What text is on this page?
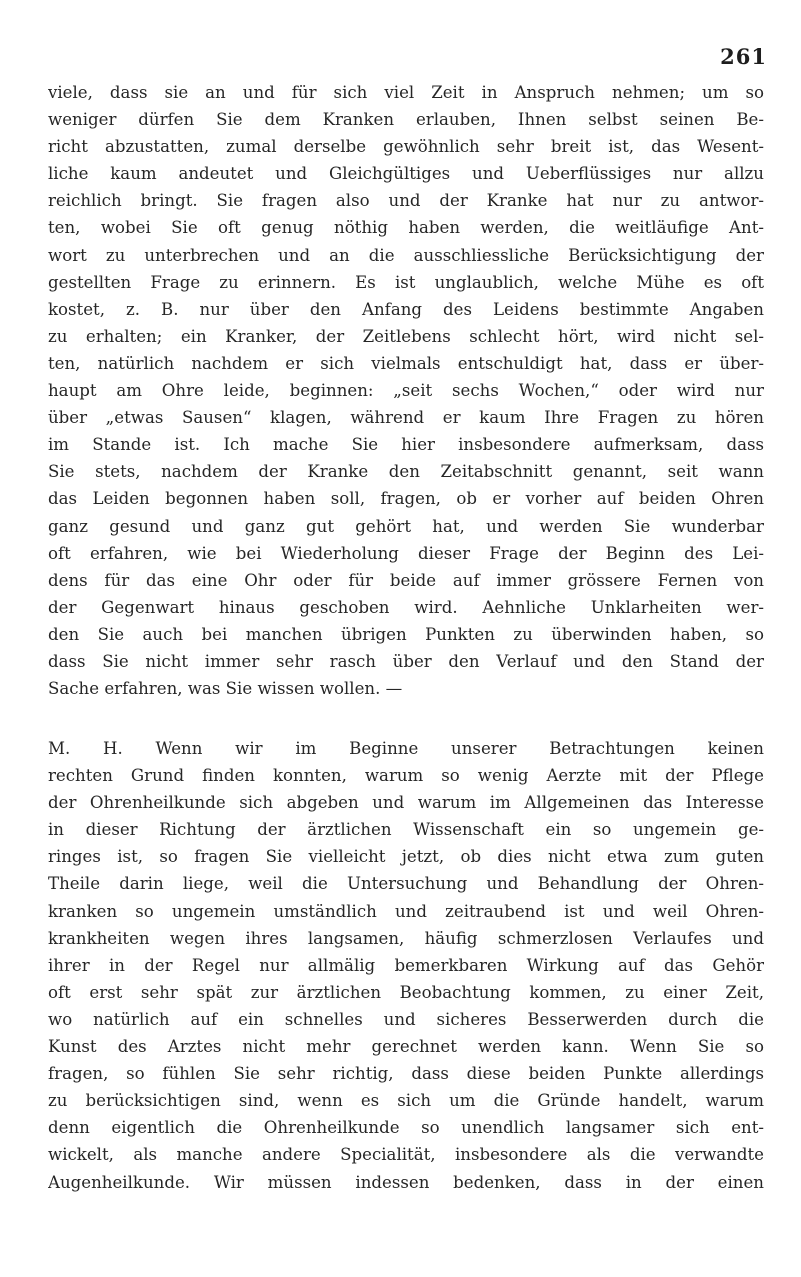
261
viele, dass sie an und für sich viel Zeit in Anspruch nehmen; um so
weniger dürfen Sie dem Kranken erlauben, Ihnen selbst seinen Be-
richt abzustatten, zumal derselbe gewöhnlich sehr breit ist, das Wesent-
liche kaum andeutet und Gleichgültiges und Ueberflüssiges nur allzu
reichlich bringt. Sie fragen also und der Kranke hat nur zu antwor-
ten, wobei Sie oft genug nöthig haben werden, die weitläufige Ant-
wort zu unterbrechen und an die ausschliessliche Berücksichtigung der
gestellten Frage zu erinnern. Es ist unglaublich, welche Mühe es oft
kostet, z. B. nur über den Anfang des Leidens bestimmte Angaben
zu erhalten; ein Kranker, der Zeitlebens schlecht hört, wird nicht sel-
ten, natürlich nachdem er sich vielmals entschuldigt hat, dass er über-
haupt am Ohre leide, beginnen: „seit sechs Wochen,“ oder wird nur
über „etwas Sausen“ klagen, während er kaum Ihre Fragen zu hören
im Stande ist. Ich mache Sie hier insbesondere aufmerksam, dass
Sie stets, nachdem der Kranke den Zeitabschnitt genannt, seit wann
das Leiden begonnen haben soll, fragen, ob er vorher auf beiden Ohren
ganz gesund und ganz gut gehört hat, und werden Sie wunderbar
oft erfahren, wie bei Wiederholung dieser Frage der Beginn des Lei-
dens für das eine Ohr oder für beide auf immer grössere Fernen von
der Gegenwart hinaus geschoben wird. Aehnliche Unklarheiten wer-
den Sie auch bei manchen übrigen Punkten zu überwinden haben, so
dass Sie nicht immer sehr rasch über den Verlauf und den Stand der
Sache erfahren, was Sie wissen wollen. —
M. H. Wenn wir im Beginne unserer Betrachtungen keinen
rechten Grund finden konnten, warum so wenig Aerzte mit der Pflege
der Ohrenheilkunde sich abgeben und warum im Allgemeinen das Interesse
in dieser Richtung der ärztlichen Wissenschaft ein so ungemein ge-
ringes ist, so fragen Sie vielleicht jetzt, ob dies nicht etwa zum guten
Theile darin liege, weil die Untersuchung und Behandlung der Ohren-
kranken so ungemein umständlich und zeitraubend ist und weil Ohren-
krankheiten wegen ihres langsamen, häufig schmerzlosen Verlaufes und
ihrer in der Regel nur allmälig bemerkbaren Wirkung auf das Gehör
oft erst sehr spät zur ärztlichen Beobachtung kommen, zu einer Zeit,
wo natürlich auf ein schnelles und sicheres Besserwerden durch die
Kunst des Arztes nicht mehr gerechnet werden kann. Wenn Sie so
fragen, so fühlen Sie sehr richtig, dass diese beiden Punkte allerdings
zu berücksichtigen sind, wenn es sich um die Gründe handelt, warum
denn eigentlich die Ohrenheilkunde so unendlich langsamer sich ent-
wickelt, als manche andere Specialität, insbesondere als die verwandte
Augenheilkunde. Wir müssen indessen bedenken, dass in der einen
